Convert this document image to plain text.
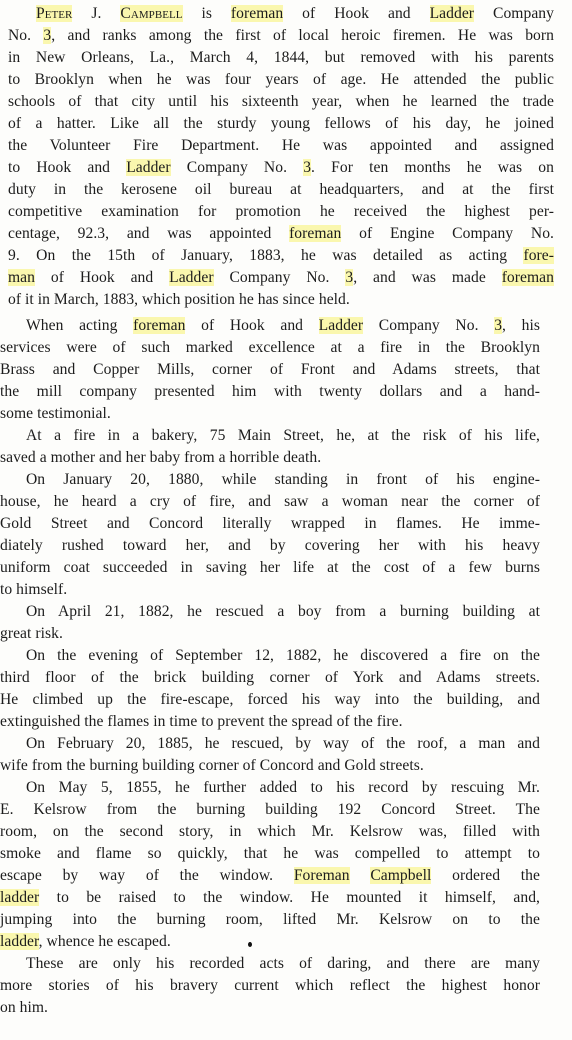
Peter J. Campbell is foreman of Hook and Ladder Company
No. 3, and ranks among the first of local heroic firemen. He was born
in New Orleans, La., March 4, 1844, but removed with his parents
to Brooklyn when he was four years of age. He attended the public
schools of that city until his sixteenth year, when he learned the trade
of a hatter. Like all the sturdy young fellows of his day, he joined
the Volunteer Fire Department. He was appointed and assigned
to Hook and Ladder Company No. 3. For ten months he was on
duty in the kerosene oil bureau at headquarters, and at the first
competitive examination for promotion he received the highest per-
centage, 92.3, and was appointed foreman of Engine Company No.
9. On the 15th of January, 1883, he was detailed as acting fore-
man of Hook and Ladder Company No. 3, and was made foreman
of it in March, 1883, which position he has since held.
When acting foreman of Hook and Ladder Company No. 3, his
services were of such marked excellence at a fire in the Brooklyn
Brass and Copper Mills, corner of Front and Adams streets, that
the mill company presented him with twenty dollars and a hand-
some testimonial.
At a fire in a bakery, 75 Main Street, he, at the risk of his life,
saved a mother and her baby from a horrible death.
On January 20, 1880, while standing in front of his engine-
house, he heard a cry of fire, and saw a woman near the corner of
Gold Street and Concord literally wrapped in flames. He imme-
diately rushed toward her, and by covering her with his heavy
uniform coat succeeded in saving her life at the cost of a few burns
to himself.
On April 21, 1882, he rescued a boy from a burning building at
great risk.
On the evening of September 12, 1882, he discovered a fire on the
third floor of the brick building corner of York and Adams streets.
He climbed up the fire-escape, forced his way into the building, and
extinguished the flames in time to prevent the spread of the fire.
On February 20, 1885, he rescued, by way of the roof, a man and
wife from the burning building corner of Concord and Gold streets.
On May 5, 1855, he further added to his record by rescuing Mr.
E. Kelsrow from the burning building 192 Concord Street. The
room, on the second story, in which Mr. Kelsrow was, filled with
smoke and flame so quickly, that he was compelled to attempt to
escape by way of the window. Foreman Campbell ordered the
ladder to be raised to the window. He mounted it himself, and,
jumping into the burning room, lifted Mr. Kelsrow on to the
ladder, whence he escaped.
These are only his recorded acts of daring, and there are many
more stories of his bravery current which reflect the highest honor
on him.
